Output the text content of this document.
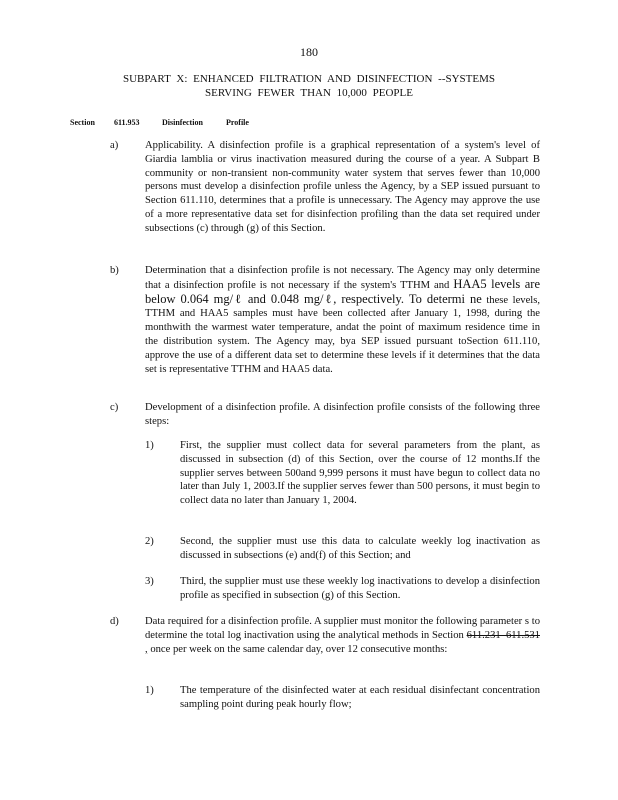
180
SUBPART X: ENHANCED FILTRATION AND DISINFECTION --SYSTEMS
SERVING FEWER THAN 10,000 PEOPLE
Section 611.953	Disinfection	Profile
a)	Applicability. A disinfection profile is a graphical representation of a system's level of Giardia lamblia or virus inactivation measured during the course of a year. A Subpart B community or non-transient non-community water system that serves fewer than 10,000 persons must develop a disinfection profile unless the Agency, by a SEP issued pursuant to Section 611.110, determines that a profile is unnecessary. The Agency may approve the use of a more representative data set for disinfection profiling than the data set required under subsections (c) through (g) of this Section.
b) Determination that a disinfection profile is not necessary. The Agency may only determine that a disinfection profile is not necessary if the system's TTHM and HAA5 levels are below 0.064 mg/ℓ and 0.048 mg/ℓ, respectively. To determi ne these levels, TTHM and HAA5 samples must have been collected after January 1, 1998, during the monthwith the warmest water temperature, andat the point of maximum residence time in the distribution system. The Agency may, bya SEP issued pursuant toSection 611.110, approve the use of a different data set to determine these levels if it determines that the data set is representative TTHM and HAA5 data.
c)	Development of a disinfection profile. A disinfection profile consists of the following three steps:
1) First, the supplier must collect data for several parameters from the plant, as discussed in subsection (d) of this Section, over the course of 12 months.If the supplier serves between 500and 9,999 persons it must have begun to collect data no later than July 1, 2003.If the supplier serves fewer than 500 persons, it must begin to collect data no later than January 1, 2004.
2) Second, the supplier must use this data to calculate weekly log inactivation as discussed in subsections (e) and(f) of this Section; and
3) Third, the supplier must use these weekly log inactivations to develop a disinfection profile as specified in subsection (g) of this Section.
d) Data required for a disinfection profile. A supplier must monitor the following parameter s to determine the total log inactivation using the analytical methods in Section 611.231–611.531 , once per week on the same calendar day, over 12 consecutive months:
1) The temperature of the disinfected water at each residual disinfectant concentration sampling point during peak hourly flow;
